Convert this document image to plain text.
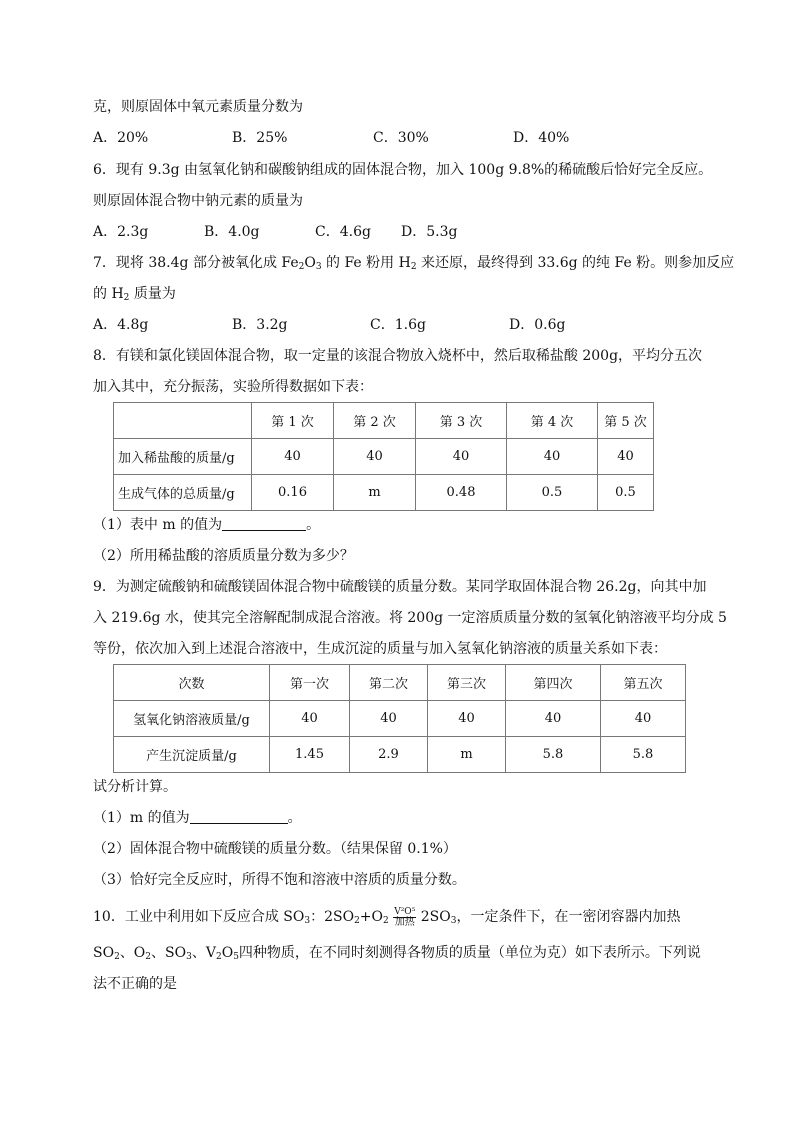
克，则原固体中氧元素质量分数为
A．20%	B．25%	C．30%	D．40%
6．现有 9.3g 由氢氧化钠和碳酸钠组成的固体混合物，加入 100g 9.8%的稀硫酸后恰好完全反应。
则原固体混合物中钠元素的质量为
A．2.3g	B．4.0g	C．4.6g D．5.3g
7．现将 38.4g 部分被氧化成 $Fe_2O_3$ 的 Fe 粉用 $H_2$ 来还原，最终得到 33.6g 的纯 Fe 粉。则参加反应
的 $H_2$ 质量为
A．4.8g	B．3.2g	C．1.6g	D．0.6g
8．有镁和氯化镁固体混合物，取一定量的该混合物放入烧杯中，然后取稀盐酸 200g，平均分五次
加入其中，充分振荡，实验所得数据如下表：
	第 1 次	第 2 次	第 3 次	第 4 次	第 5 次
加入稀盐酸的质量/g	40	40	40	40	40
生成气体的总质量/g	0.16	m	0.48	0.5	0.5
（1）表中 m 的值为	。
（2）所用稀盐酸的溶质质量分数为多少？
9．为测定硫酸钠和硫酸镁固体混合物中硫酸镁的质量分数。某同学取固体混合物 26.2g，向其中加
入 219.6g 水，使其完全溶解配制成混合溶液。将 200g 一定溶质质量分数的氢氧化钠溶液平均分成 5
等份，依次加入到上述混合溶液中，生成沉淀的质量与加入氢氧化钠溶液的质量关系如下表：
次数	第一次	第二次	第三次	第四次	第五次
氢氧化钠溶液质量/g	40	40	40	40	40
产生沉淀质量/g	1.45	2.9	m	5.8	5.8
试分析计算。
（1）m 的值为	。
（2）固体混合物中硫酸镁的质量分数。（结果保留 0.1%）
（3）恰好完全反应时，所得不饱和溶液中溶质的质量分数。
10．工业中利用如下反应合成 $SO_3$：$2SO_2+O_2$
V²O⁵
加热 $2SO_3$，一定条件下，在一密闭容器内加热
$SO_2$、$O_2$、$SO_3$、$V_2O_5$四种物质，在不同时刻测得各物质的质量（单位为克）如下表所示。下列说
法不正确的是
